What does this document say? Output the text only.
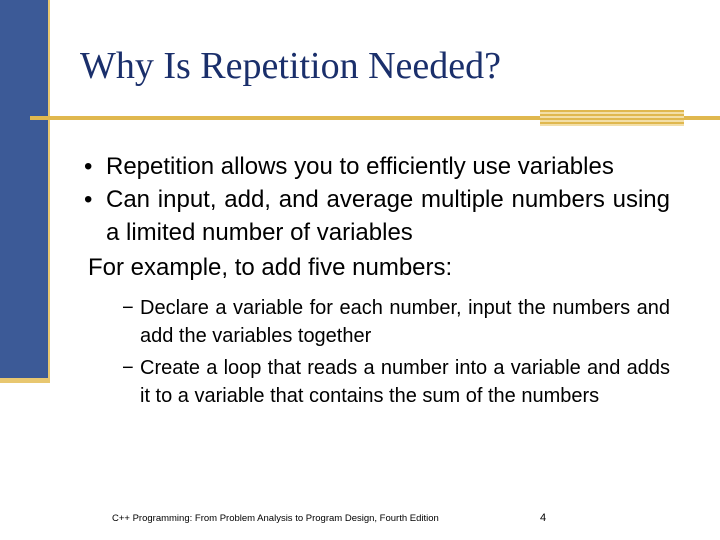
Why Is Repetition Needed?
• Repetition allows you to efficiently use variables
• Can input, add, and average multiple numbers using a limited number of variables
For example, to add five numbers:
− Declare a variable for each number, input the numbers and add the variables together
− Create a loop that reads a number into a variable and adds it to a variable that contains the sum of the numbers
C++ Programming: From Problem Analysis to Program Design, Fourth Edition	4
